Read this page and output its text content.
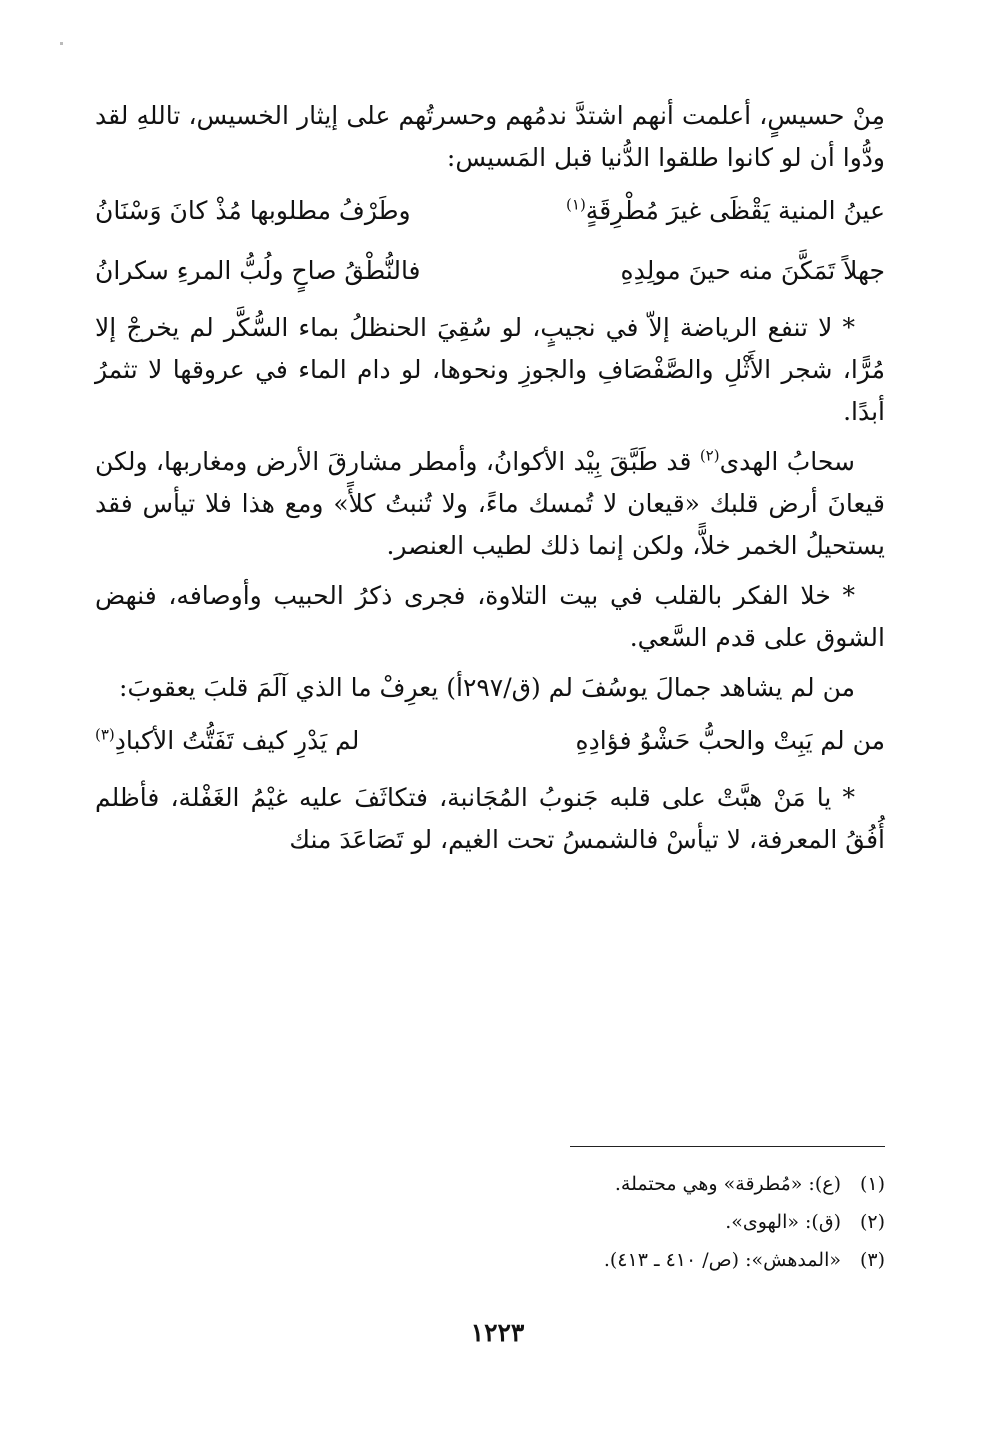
مِنْ حسيسٍ، أعلمت أنهم اشتدَّ ندمُهم وحسرتُهم على إيثار الخسيس، تاللهِ لقد ودُّوا أن لو كانوا طلقوا الدُّنيا قبل المَسيس:

عينُ المنية يَقْظَى غيرَ مُطْرِقَةٍ$^{(١)}$
وطَرْفُ مطلوبها مُذْ كانَ وَسْنَانُ
جهلاً تَمَكَّنَ منه حينَ مولِدِهِ
فالنُّطْقُ صاحٍ ولُبُّ المرءِ سكرانُ

* لا تنفع الرياضة إلاّ في نجيبٍ، لو سُقِيَ الحنظلُ بماء السُّكَّر لم يخرجْ إلا مُرًّا، شجر الأَثْلِ والصَّفْصَافِ والجوزِ ونحوها، لو دام الماء في عروقها لا تثمرُ أبدًا.

سحابُ الهدى$^{(٢)}$ قد طَبَّقَ بِيْد الأكوانُ، وأمطر مشارقَ الأرض ومغاربها، ولكن قيعانَ أرض قلبك «قيعان لا تُمسك ماءً، ولا تُنبتُ كلأً» ومع هذا فلا تيأس فقد يستحيلُ الخمر خلاًّ، ولكن إنما ذلك لطيب العنصر.

* خلا الفكر بالقلب في بيت التلاوة، فجرى ذكرُ الحبيب وأوصافه، فنهض الشوق على قدم السَّعي.

من لم يشاهد جمالَ يوسُفَ لم (ق/٢٩٧أ) يعرِفْ ما الذي آلَمَ قلبَ يعقوبَ:

من لم يَبِتْ والحبُّ حَشْوُ فؤادِهِ
لم يَدْرِ كيف تَفَتُّتُ الأكبادِ$^{(٣)}$

* يا مَنْ هبَّتْ على قلبه جَنوبُ المُجَانبة، فتكاثَفَ عليه غيْمُ الغَفْلة، فأظلم أُفُقُ المعرفة، لا تيأسْ فالشمسُ تحت الغيم، لو تَصَاعَدَ منك

(١)(ع): «مُطرقة» وهي محتملة.
(٢)(ق): «الهوى».
(٣)«المدهش»: (ص/ ٤١٠ ـ ٤١٣).
١٢٢٣
